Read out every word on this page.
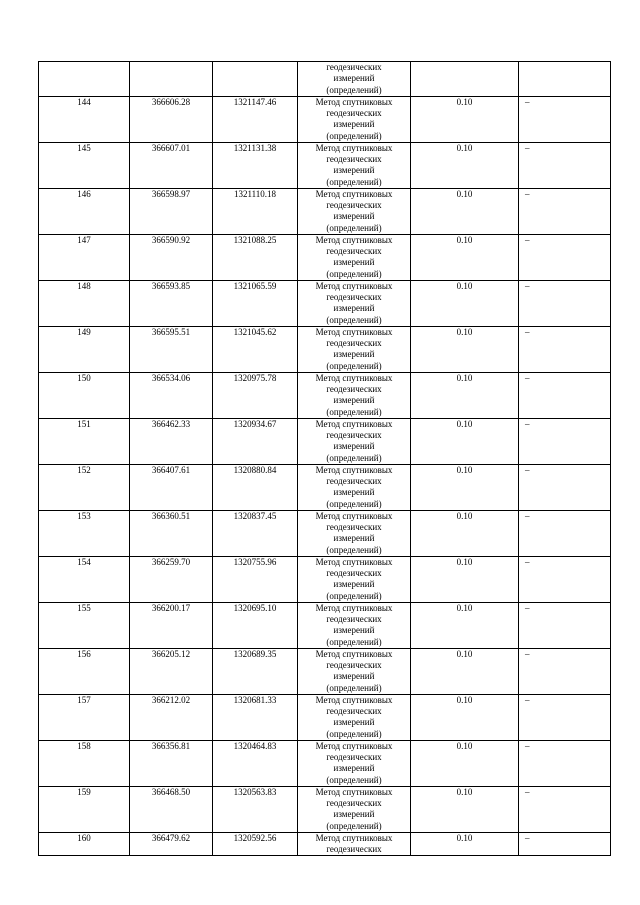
			геодезических
измерений
(определений)		

144	366606.28	1321147.46	Метод спутниковых
геодезических
измерений
(определений)	0.10	–
145	366607.01	1321131.38	Метод спутниковых
геодезических
измерений
(определений)	0.10	–
146	366598.97	1321110.18	Метод спутниковых
геодезических
измерений
(определений)	0.10	–
147	366590.92	1321088.25	Метод спутниковых
геодезических
измерений
(определений)	0.10	–
148	366593.85	1321065.59	Метод спутниковых
геодезических
измерений
(определений)	0.10	–
149	366595.51	1321045.62	Метод спутниковых
геодезических
измерений
(определений)	0.10	–
150	366534.06	1320975.78	Метод спутниковых
геодезических
измерений
(определений)	0.10	–
151	366462.33	1320934.67	Метод спутниковых
геодезических
измерений
(определений)	0.10	–
152	366407.61	1320880.84	Метод спутниковых
геодезических
измерений
(определений)	0.10	–
153	366360.51	1320837.45	Метод спутниковых
геодезических
измерений
(определений)	0.10	–
154	366259.70	1320755.96	Метод спутниковых
геодезических
измерений
(определений)	0.10	–
155	366200.17	1320695.10	Метод спутниковых
геодезических
измерений
(определений)	0.10	–
156	366205.12	1320689.35	Метод спутниковых
геодезических
измерений
(определений)	0.10	–
157	366212.02	1320681.33	Метод спутниковых
геодезических
измерений
(определений)	0.10	–
158	366356.81	1320464.83	Метод спутниковых
геодезических
измерений
(определений)	0.10	–
159	366468.50	1320563.83	Метод спутниковых
геодезических
измерений
(определений)	0.10	–
160	366479.62	1320592.56	Метод спутниковых
геодезических	0.10	–
